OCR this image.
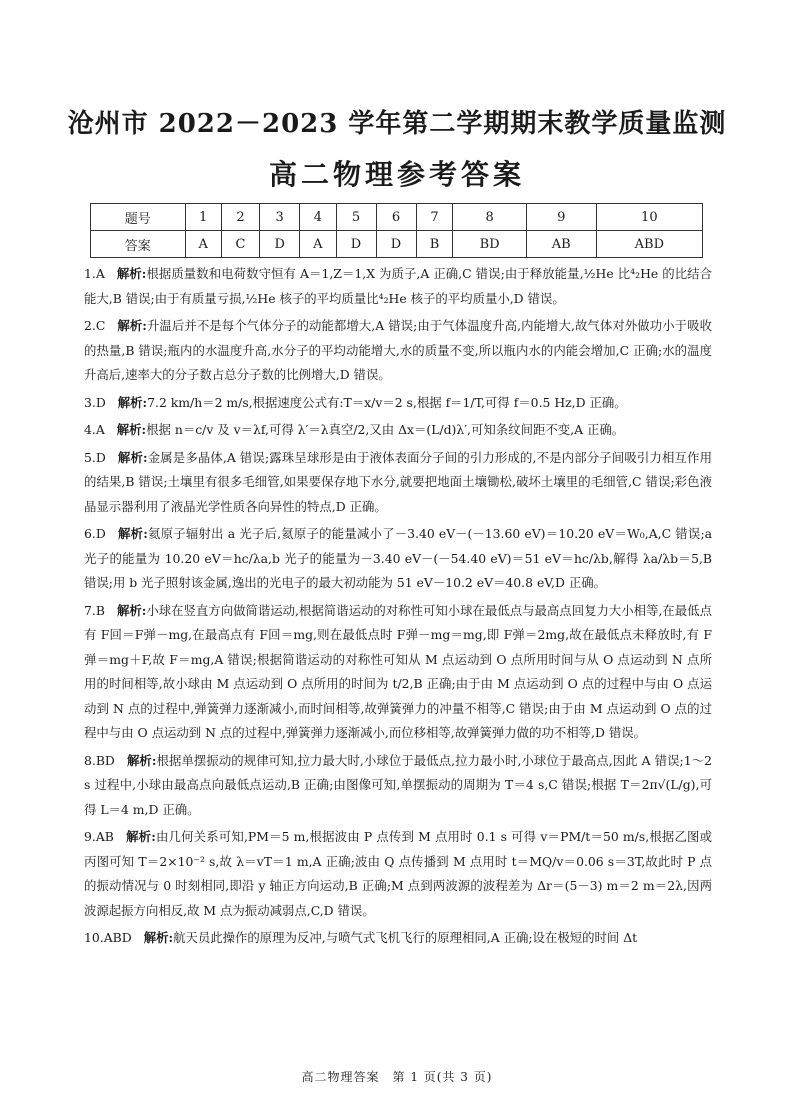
沧州市 2022－2023 学年第二学期期末教学质量监测
高二物理参考答案
题号	1	2	3	4	5	6	7	8	9	10
答案	A	C	D	A	D	D	B	BD	AB	ABD

1.A 解析:根据质量数和电荷数守恒有 A＝1,Z＝1,X 为质子,A 正确,C 错误;由于释放能量,½He 比⁴₂He 的比结合能大,B 错误;由于有质量亏损,½He 核子的平均质量比⁴₂He 核子的平均质量小,D 错误。

2.C 解析:升温后并不是每个气体分子的动能都增大,A 错误;由于气体温度升高,内能增大,故气体对外做功小于吸收的热量,B 错误;瓶内的水温度升高,水分子的平均动能增大,水的质量不变,所以瓶内水的内能会增加,C 正确;水的温度升高后,速率大的分子数占总分子数的比例增大,D 错误。

3.D 解析:7.2 km/h＝2 m/s,根据速度公式有:T＝x/v＝2 s,根据 f＝1/T,可得 f＝0.5 Hz,D 正确。

4.A 解析:根据 n＝c/v 及 v＝λf,可得 λ′＝λ真空/2,又由 Δx＝(L/d)λ′,可知条纹间距不变,A 正确。

5.D 解析:金属是多晶体,A 错误;露珠呈球形是由于液体表面分子间的引力形成的,不是内部分子间吸引力相互作用的结果,B 错误;土壤里有很多毛细管,如果要保存地下水分,就要把地面土壤锄松,破坏土壤里的毛细管,C 错误;彩色液晶显示器利用了液晶光学性质各向异性的特点,D 正确。

6.D 解析:氦原子辐射出 a 光子后,氦原子的能量减小了－3.40 eV－(－13.60 eV)＝10.20 eV＝W₀,A,C 错误;a 光子的能量为 10.20 eV＝hc/λa,b 光子的能量为－3.40 eV－(－54.40 eV)＝51 eV＝hc/λb,解得 λa/λb＝5,B 错误;用 b 光子照射该金属,逸出的光电子的最大初动能为 51 eV－10.2 eV＝40.8 eV,D 正确。

7.B 解析:小球在竖直方向做简谐运动,根据简谐运动的对称性可知小球在最低点与最高点回复力大小相等,在最低点有 F回＝F弹－mg,在最高点有 F回＝mg,则在最低点时 F弹－mg＝mg,即 F弹＝2mg,故在最低点未释放时,有 F弹＝mg＋F,故 F＝mg,A 错误;根据简谐运动的对称性可知从 M 点运动到 O 点所用时间与从 O 点运动到 N 点所用的时间相等,故小球由 M 点运动到 O 点所用的时间为 t/2,B 正确;由于由 M 点运动到 O 点的过程中与由 O 点运动到 N 点的过程中,弹簧弹力逐渐减小,而时间相等,故弹簧弹力的冲量不相等,C 错误;由于由 M 点运动到 O 点的过程中与由 O 点运动到 N 点的过程中,弹簧弹力逐渐减小,而位移相等,故弹簧弹力做的功不相等,D 错误。

8.BD 解析:根据单摆振动的规律可知,拉力最大时,小球位于最低点,拉力最小时,小球位于最高点,因此 A 错误;1～2 s 过程中,小球由最高点向最低点运动,B 正确;由图像可知,单摆振动的周期为 T＝4 s,C 错误;根据 T＝2π√(L/g),可得 L＝4 m,D 正确。

9.AB 解析:由几何关系可知,PM＝5 m,根据波由 P 点传到 M 点用时 0.1 s 可得 v＝PM/t＝50 m/s,根据乙图或丙图可知 T＝2×10⁻² s,故 λ＝vT＝1 m,A 正确;波由 Q 点传播到 M 点用时 t＝MQ/v＝0.06 s＝3T,故此时 P 点的振动情况与 0 时刻相同,即沿 y 轴正方向运动,B 正确;M 点到两波源的波程差为 Δr＝(5－3) m＝2 m＝2λ,因两波源起振方向相反,故 M 点为振动减弱点,C,D 错误。

10.ABD 解析:航天员此操作的原理为反冲,与喷气式飞机飞行的原理相同,A 正确;设在极短的时间 Δt

高二物理答案　第 1 页(共 3 页)
